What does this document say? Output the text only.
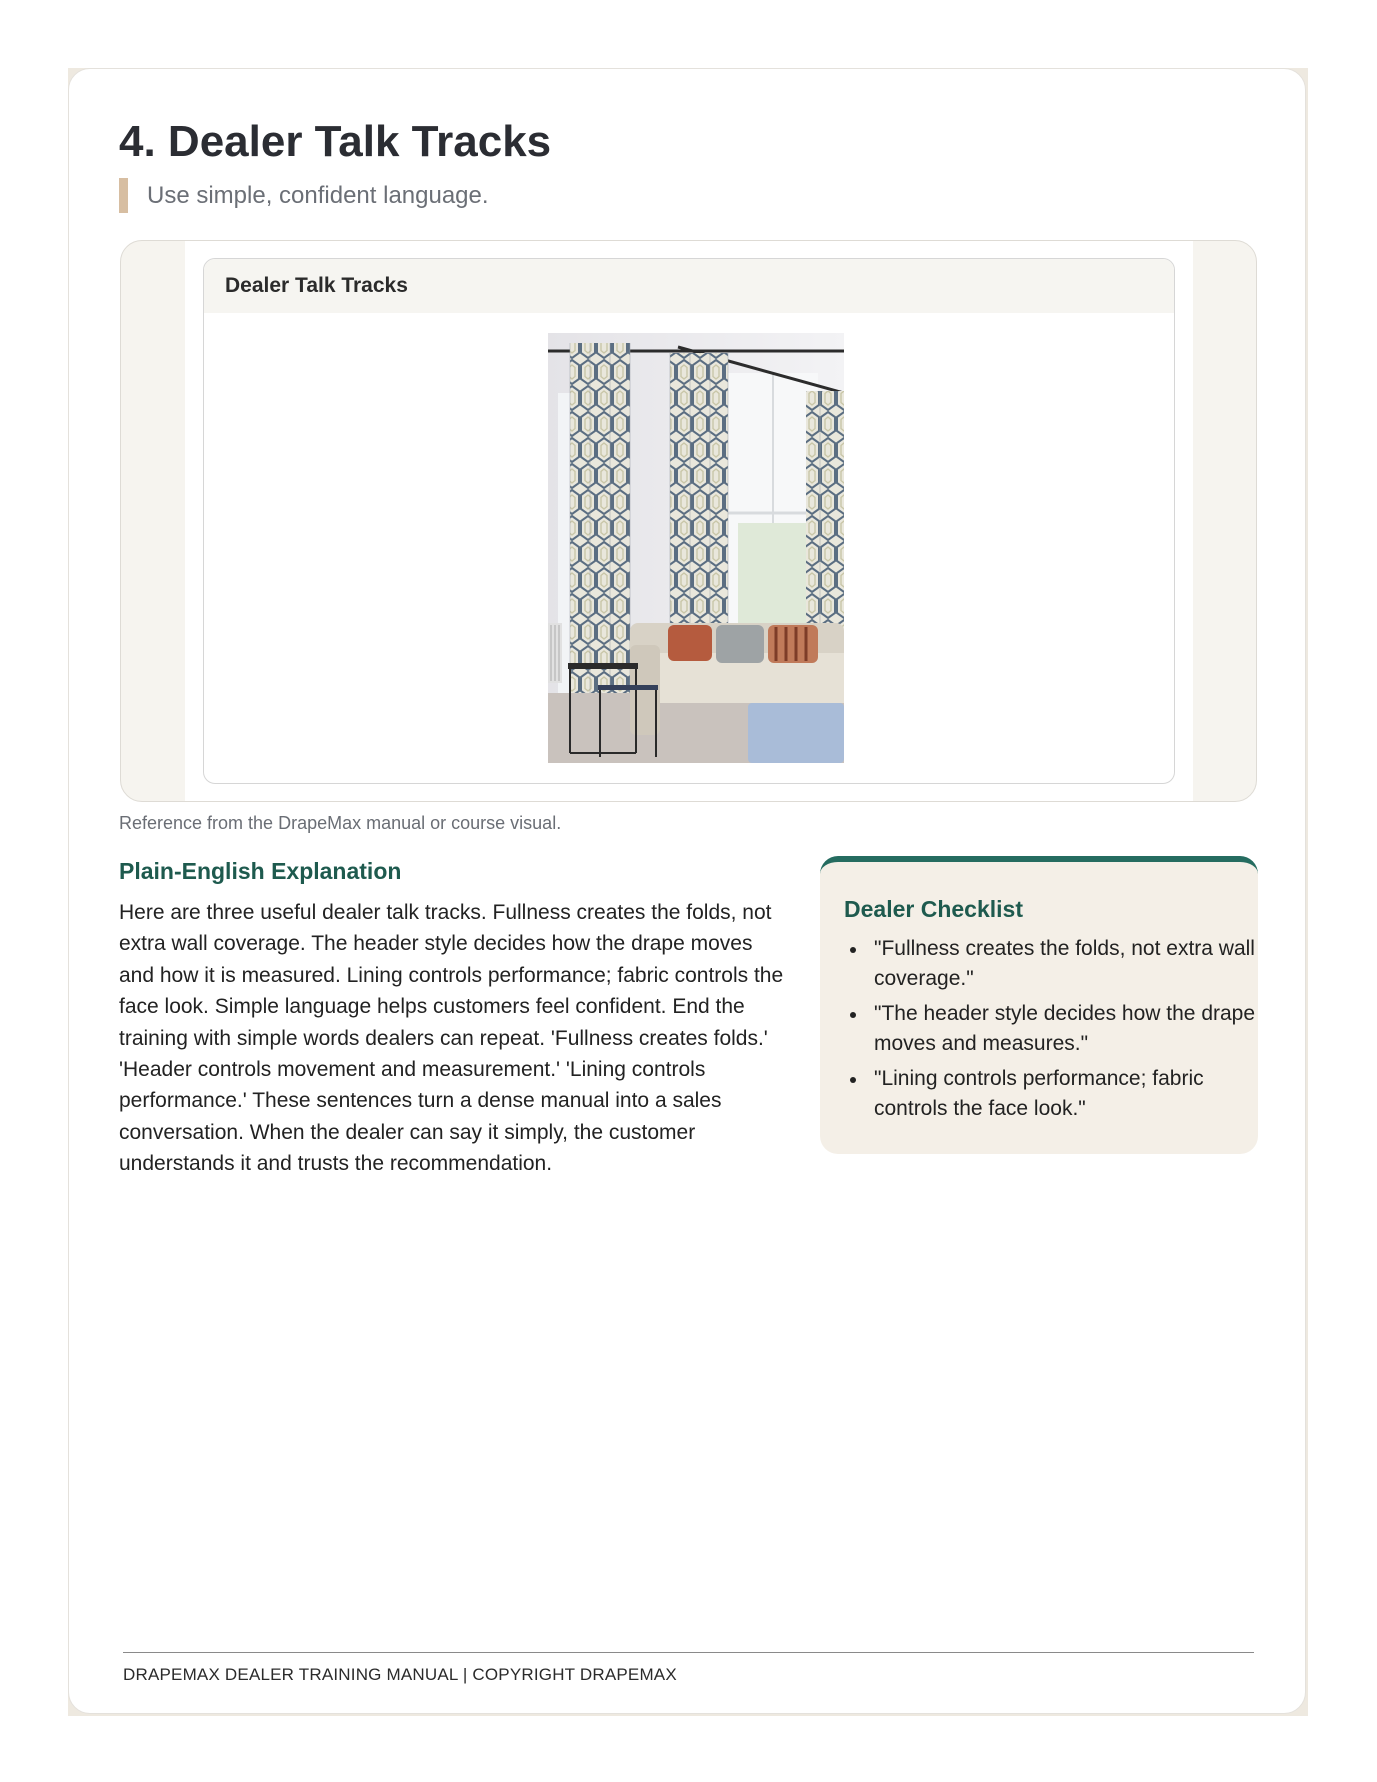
4. Dealer Talk Tracks
Use simple, confident language.
Dealer Talk Tracks
Reference from the DrapeMax manual or course visual.
Plain-English Explanation

Here are three useful dealer talk tracks. Fullness creates the folds, not extra wall coverage. The header style decides how the drape moves and how it is measured. Lining controls performance; fabric controls the face look. Simple language helps customers feel confident. End the training with simple words dealers can repeat. 'Fullness creates folds.' 'Header controls movement and measurement.' 'Lining controls performance.' These sentences turn a dense manual into a sales conversation. When the dealer can say it simply, the customer understands it and trusts the recommendation.

Dealer Checklist
"Fullness creates the folds, not extra wall coverage."
"The header style decides how the drape moves and measures."
"Lining controls performance; fabric controls the face look."
DRAPEMAX DEALER TRAINING MANUAL | COPYRIGHT DRAPEMAX
